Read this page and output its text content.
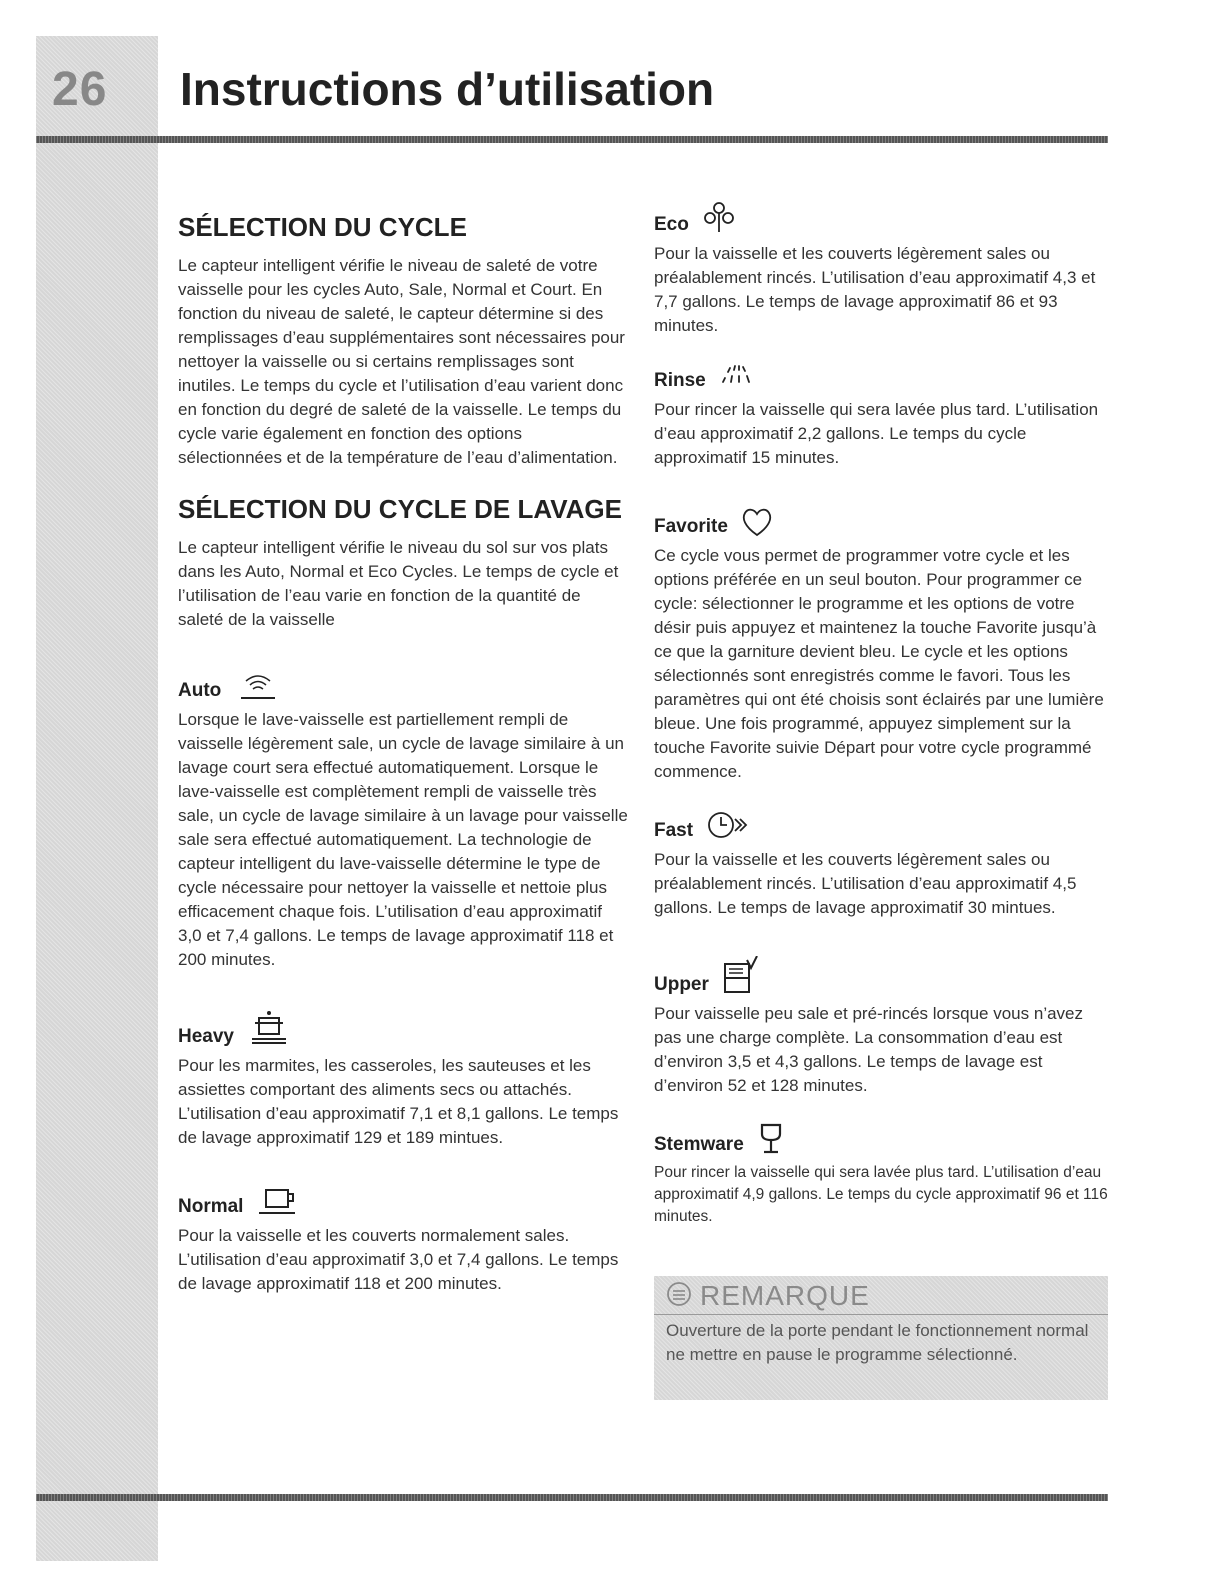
26 Instructions d’utilisation
SÉLECTION DU CYCLE

Le capteur intelligent vérifie le niveau de saleté de votre vaisselle pour les cycles Auto, Sale, Normal et Court. En fonction du niveau de saleté, le capteur détermine si des remplissages d’eau supplémentaires sont nécessaires pour nettoyer la vaisselle ou si certains remplissages sont inutiles. Le temps du cycle et l’utilisation d’eau varient donc en fonction du degré de saleté de la vaisselle. Le temps du cycle varie également en fonction des options sélectionnées et de la température de l’eau d’alimentation.

SÉLECTION DU CYCLE DE LAVAGE

Le capteur intelligent vérifie le niveau du sol sur vos plats dans les Auto, Normal et Eco Cycles. Le temps de cycle et l’utilisation de l’eau varie en fonction de la quantité de saleté de la vaisselle

Auto

Lorsque le lave-vaisselle est partiellement rempli de vaisselle légèrement sale, un cycle de lavage similaire à un lavage court sera effectué automatiquement. Lorsque le lave-vaisselle est complètement rempli de vaisselle très sale, un cycle de lavage similaire à un lavage pour vaisselle sale sera effectué automatiquement. La technologie de capteur intelligent du lave-vaisselle détermine le type de cycle nécessaire pour nettoyer la vaisselle et nettoie plus efficacement chaque fois. L’utilisation d’eau approximatif 3,0 et 7,4 gallons. Le temps de lavage approximatif 118 et 200 minutes.

Heavy

Pour les marmites, les casseroles, les sauteuses et les assiettes comportant des aliments secs ou attachés. L’utilisation d’eau approximatif 7,1 et 8,1 gallons. Le temps de lavage approximatif 129 et 189 mintues.

Normal

Pour la vaisselle et les couverts normalement sales. L’utilisation d’eau approximatif 3,0 et 7,4 gallons. Le temps de lavage approximatif 118 et 200 minutes.

Eco

Pour la vaisselle et les couverts légèrement sales ou préalablement rincés. L’utilisation d’eau approximatif 4,3 et 7,7 gallons. Le temps de lavage approximatif 86 et 93 minutes.

Rinse

Pour rincer la vaisselle qui sera lavée plus tard. L’utilisation d’eau approximatif 2,2 gallons. Le temps du cycle approximatif 15 minutes.

Favorite

Ce cycle vous permet de programmer votre cycle et les options préférée en un seul bouton. Pour programmer ce cycle: sélectionner le programme et les options de votre désir puis appuyez et maintenez la touche Favorite jusqu’à ce que la garniture devient bleu. Le cycle et les options sélectionnés sont enregistrés comme le favori. Tous les paramètres qui ont été choisis sont éclairés par une lumière bleue. Une fois programmé, appuyez simplement sur la touche Favorite suivie Départ pour votre cycle programmé commence.

Fast

Pour la vaisselle et les couverts légèrement sales ou préalablement rincés. L’utilisation d’eau approximatif 4,5 gallons. Le temps de lavage approximatif 30 mintues.

Upper

Pour vaisselle peu sale et pré-rincés lorsque vous n’avez pas une charge complète. La consommation d’eau est d’environ 3,5 et 4,3 gallons. Le temps de lavage est d’environ 52 et 128 minutes.

Stemware

Pour rincer la vaisselle qui sera lavée plus tard. L’utilisation d’eau approximatif 4,9 gallons. Le temps du cycle approximatif 96 et 116 minutes.

REMARQUE
Ouverture de la porte pendant le fonctionnement normal ne mettre en pause le programme sélectionné.
